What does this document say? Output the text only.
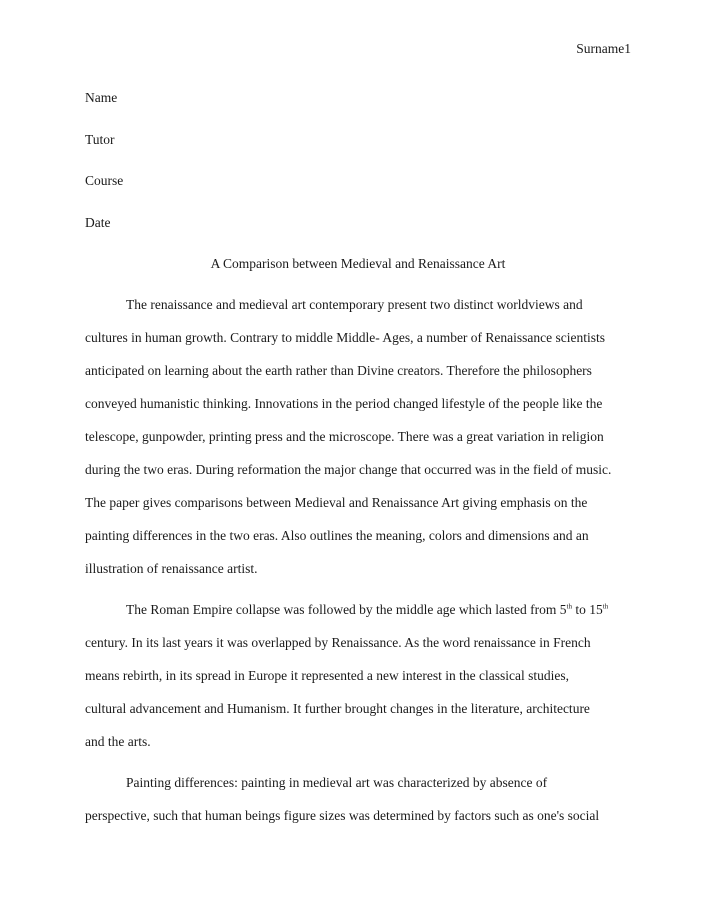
Surname1
Name
Tutor
Course
Date
A Comparison between Medieval and Renaissance Art

The renaissance and medieval art contemporary present two distinct worldviews and
cultures in human growth. Contrary to middle Middle- Ages, a number of Renaissance scientists
anticipated on learning about the earth rather than Divine creators. Therefore the philosophers
conveyed humanistic thinking. Innovations in the period changed lifestyle of the people like the
telescope, gunpowder, printing press and the microscope. There was a great variation in religion
during the two eras. During reformation the major change that occurred was in the field of music.
The paper gives comparisons between Medieval and Renaissance Art giving emphasis on the
painting differences in the two eras. Also outlines the meaning, colors and dimensions and an
illustration of renaissance artist.

The Roman Empire collapse was followed by the middle age which lasted from 5th to 15th
century. In its last years it was overlapped by Renaissance. As the word renaissance in French
means rebirth, in its spread in Europe it represented a new interest in the classical studies,
cultural advancement and Humanism. It further brought changes in the literature, architecture
and the arts.

Painting differences: painting in medieval art was characterized by absence of
perspective, such that human beings figure sizes was determined by factors such as one's social
